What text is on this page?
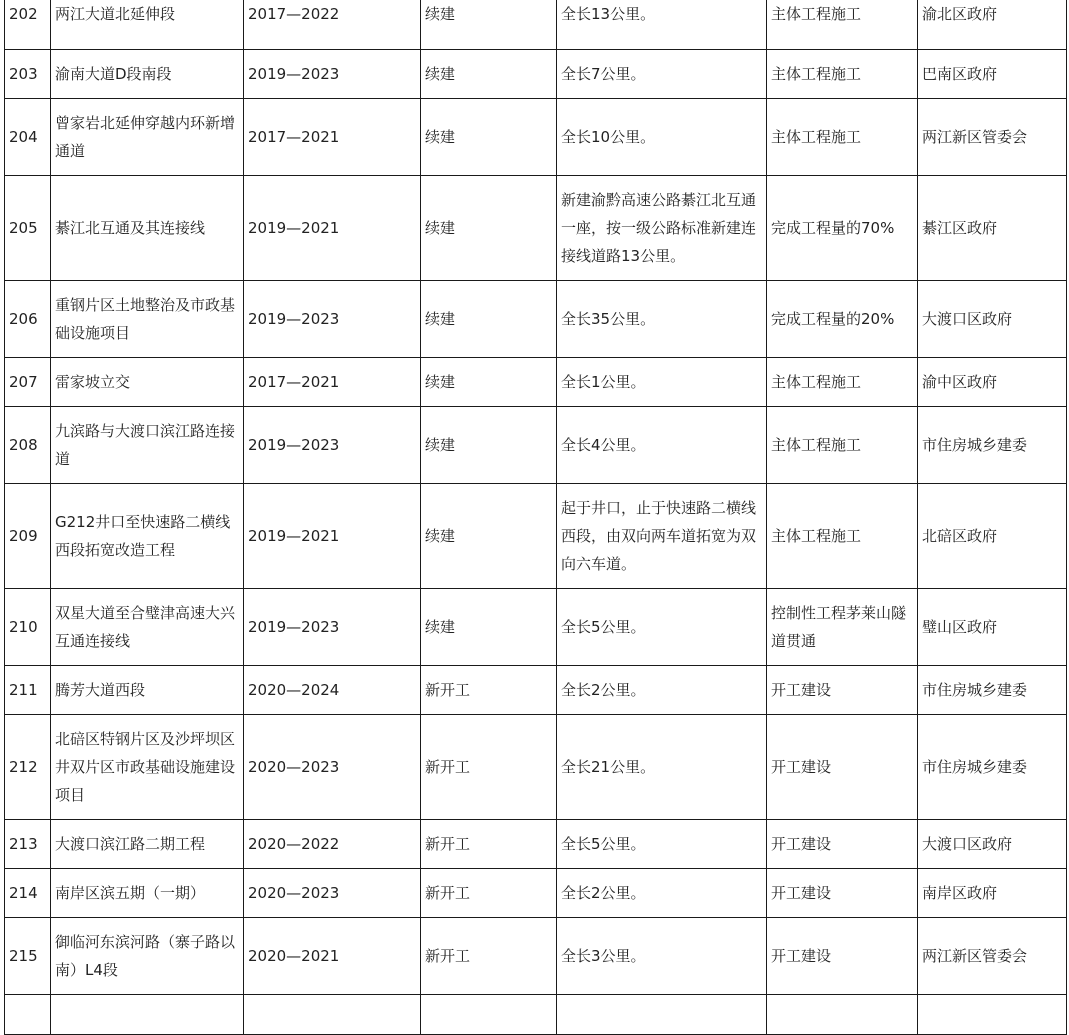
202	两江大道北延伸段	2017—2022	续建	全长13公里。	主体工程施工	渝北区政府
203	渝南大道D段南段	2019—2023	续建	全长7公里。	主体工程施工	巴南区政府
204	曾家岩北延伸穿越内环新增通道	2017—2021	续建	全长10公里。	主体工程施工	两江新区管委会
205	綦江北互通及其连接线	2019—2021	续建	新建渝黔高速公路綦江北互通一座，按一级公路标准新建连接线道路13公里。	完成工程量的70%	綦江区政府
206	重钢片区土地整治及市政基础设施项目	2019—2023	续建	全长35公里。	完成工程量的20%	大渡口区政府
207	雷家坡立交	2017—2021	续建	全长1公里。	主体工程施工	渝中区政府
208	九滨路与大渡口滨江路连接道	2019—2023	续建	全长4公里。	主体工程施工	市住房城乡建委
209	G212井口至快速路二横线西段拓宽改造工程	2019—2021	续建	起于井口，止于快速路二横线西段，由双向两车道拓宽为双向六车道。	主体工程施工	北碚区政府
210	双星大道至合璧津高速大兴互通连接线	2019—2023	续建	全长5公里。	控制性工程茅莱山隧道贯通	璧山区政府
211	腾芳大道西段	2020—2024	新开工	全长2公里。	开工建设	市住房城乡建委
212	北碚区特钢片区及沙坪坝区井双片区市政基础设施建设项目	2020—2023	新开工	全长21公里。	开工建设	市住房城乡建委
213	大渡口滨江路二期工程	2020—2022	新开工	全长5公里。	开工建设	大渡口区政府
214	南岸区滨五期（一期）	2020—2023	新开工	全长2公里。	开工建设	南岸区政府
215	御临河东滨河路（寨子路以南）L4段	2020—2021	新开工	全长3公里。	开工建设	两江新区管委会
